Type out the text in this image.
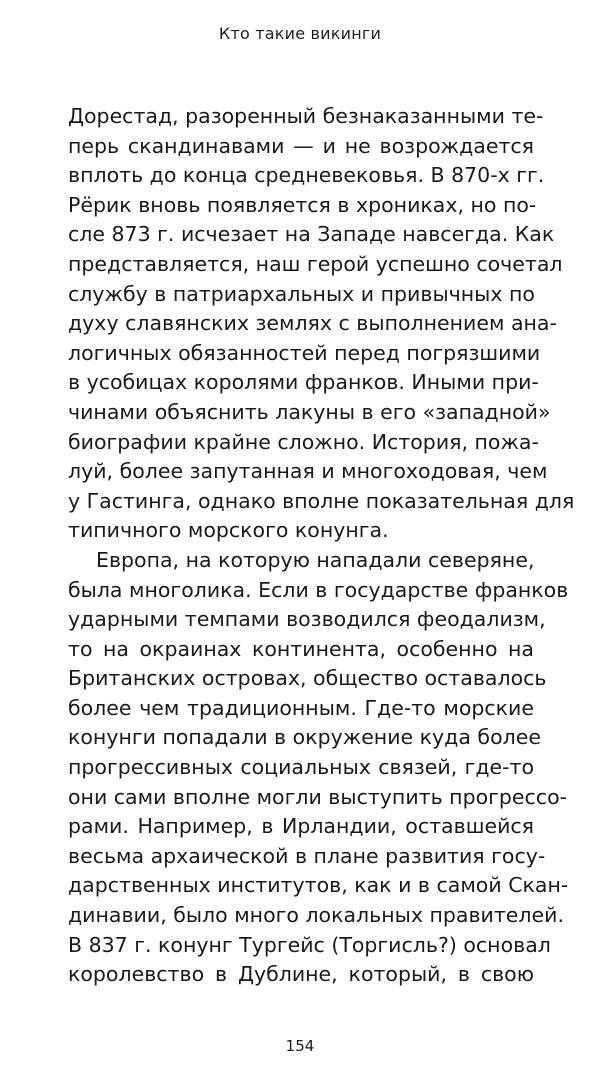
Кто такие викинги
Дорестад, разоренный безнаказанными те-
перь скандинавами — и не возрождается
вплоть до конца средневековья. В 870-х гг.
Рёрик вновь появляется в хрониках, но по-
сле 873 г. исчезает на Западе навсегда. Как
представляется, наш герой успешно сочетал
службу в патриархальных и привычных по
духу славянских землях с выполнением ана-
логичных обязанностей перед погрязшими
в усобицах королями франков. Иными при-
чинами объяснить лакуны в его «западной»
биографии крайне сложно. История, пожа-
луй, более запутанная и многоходовая, чем
у Гастинга, однако вполне показательная для
типичного морского конунга.
Европа, на которую нападали северяне,
была многолика. Если в государстве франков
ударными темпами возводился феодализм,
то на окраинах континента, особенно на
Британских островах, общество оставалось
более чем традиционным. Где-то морские
конунги попадали в окружение куда более
прогрессивных социальных связей, где-то
они сами вполне могли выступить прогрессо-
рами. Например, в Ирландии, оставшейся
весьма архаической в плане развития госу-
дарственных институтов, как и в самой Скан-
динавии, было много локальных правителей.
В 837 г. конунг Тургейс (Торгисль?) основал
королевство в Дублине, который, в свою
154
